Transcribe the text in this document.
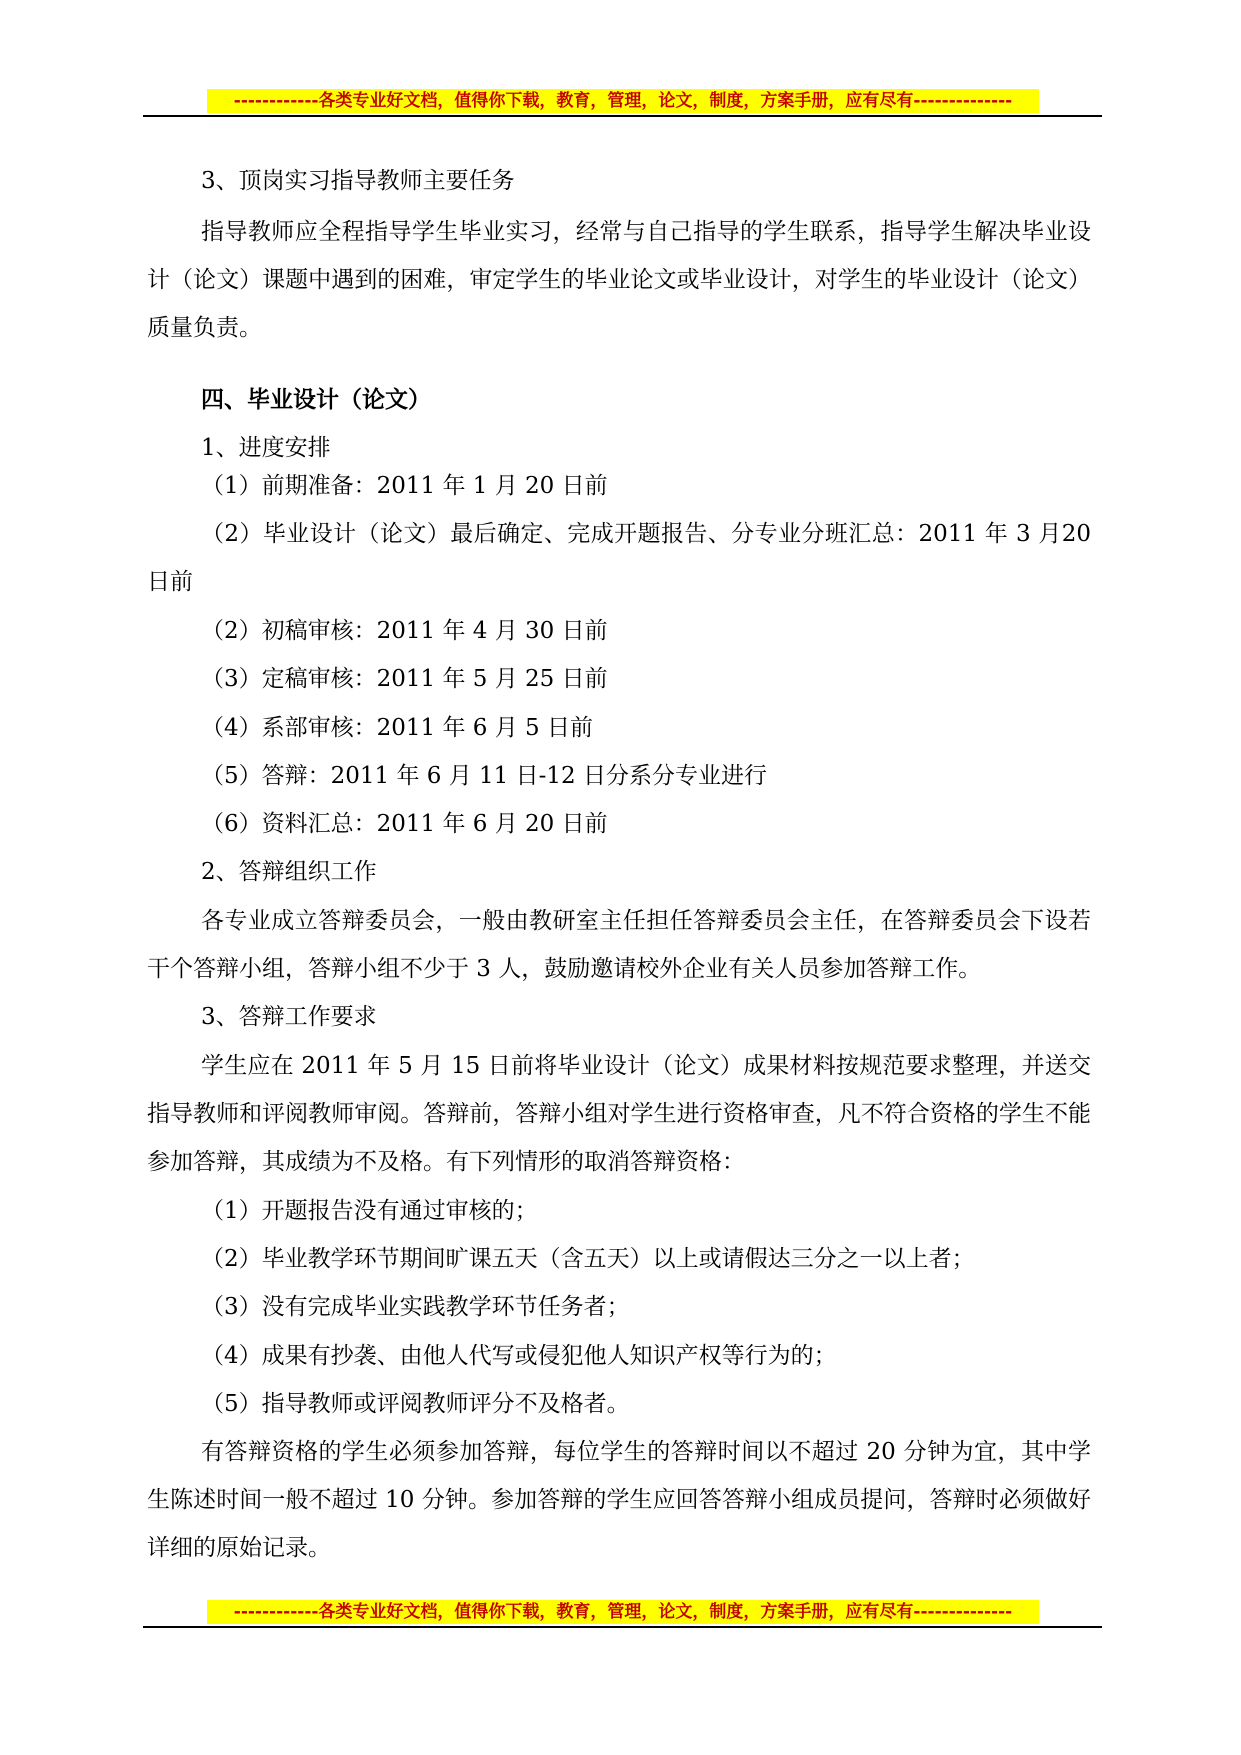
------------各类专业好文档，值得你下载，教育，管理，论文，制度，方案手册，应有尽有--------------

3、顶岗实习指导教师主要任务

指导教师应全程指导学生毕业实习，经常与自己指导的学生联系，指导学生解决毕业设计（论文）课题中遇到的困难，审定学生的毕业论文或毕业设计，对学生的毕业设计（论文）质量负责。

四、毕业设计（论文）

1、进度安排

（1）前期准备：2011 年 1 月 20 日前

（2）毕业设计（论文）最后确定、完成开题报告、分专业分班汇总：2011 年 3 月20 日前

（2）初稿审核：2011 年 4 月 30 日前

（3）定稿审核：2011 年 5 月 25 日前

（4）系部审核：2011 年 6 月 5 日前

（5）答辩：2011 年 6 月 11 日-12 日分系分专业进行

（6）资料汇总：2011 年 6 月 20 日前

2、答辩组织工作

各专业成立答辩委员会，一般由教研室主任担任答辩委员会主任，在答辩委员会下设若干个答辩小组，答辩小组不少于 3 人，鼓励邀请校外企业有关人员参加答辩工作。

3、答辩工作要求

学生应在 2011 年 5 月 15 日前将毕业设计（论文）成果材料按规范要求整理，并送交指导教师和评阅教师审阅。答辩前，答辩小组对学生进行资格审查，凡不符合资格的学生不能参加答辩，其成绩为不及格。有下列情形的取消答辩资格：

（1）开题报告没有通过审核的；

（2）毕业教学环节期间旷课五天（含五天）以上或请假达三分之一以上者；

（3）没有完成毕业实践教学环节任务者；

（4）成果有抄袭、由他人代写或侵犯他人知识产权等行为的；

（5）指导教师或评阅教师评分不及格者。

有答辩资格的学生必须参加答辩，每位学生的答辩时间以不超过 20 分钟为宜，其中学生陈述时间一般不超过 10 分钟。参加答辩的学生应回答答辩小组成员提问，答辩时必须做好详细的原始记录。

------------各类专业好文档，值得你下载，教育，管理，论文，制度，方案手册，应有尽有--------------
